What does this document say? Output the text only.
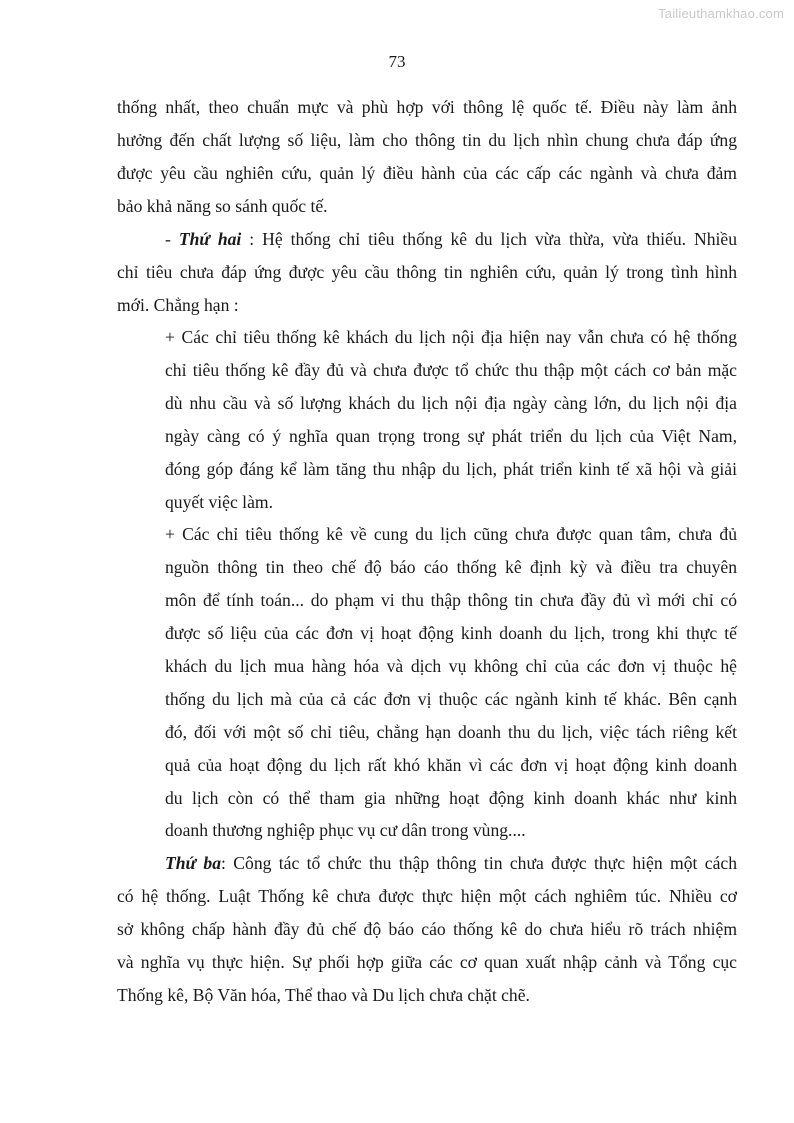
Tailieuthamkhao.com
73
thống nhất, theo chuẩn mực và phù hợp với thông lệ quốc tế. Điều này làm ảnh
hưởng đến chất lượng số liệu, làm cho thông tin du lịch nhìn chung chưa đáp ứng
được yêu cầu nghiên cứu, quản lý điều hành của các cấp các ngành và chưa đảm
bảo khả năng so sánh quốc tế.
- Thứ hai : Hệ thống chỉ tiêu thống kê du lịch vừa thừa, vừa thiếu. Nhiều
chỉ tiêu chưa đáp ứng được yêu cầu thông tin nghiên cứu, quản lý trong tình hình
mới. Chẳng hạn :
+ Các chỉ tiêu thống kê khách du lịch nội địa hiện nay vẫn chưa có hệ thống
chỉ tiêu thống kê đầy đủ và chưa được tổ chức thu thập một cách cơ bản mặc
dù nhu cầu và số lượng khách du lịch nội địa ngày càng lớn, du lịch nội địa
ngày càng có ý nghĩa quan trọng trong sự phát triển du lịch của Việt Nam,
đóng góp đáng kể làm tăng thu nhập du lịch, phát triển kinh tế xã hội và giải
quyết việc làm.
+ Các chỉ tiêu thống kê về cung du lịch cũng chưa được quan tâm, chưa đủ
nguồn thông tin theo chế độ báo cáo thống kê định kỳ và điều tra chuyên
môn để tính toán... do phạm vi thu thập thông tin chưa đầy đủ vì mới chỉ có
được số liệu của các đơn vị hoạt động kinh doanh du lịch, trong khi thực tế
khách du lịch mua hàng hóa và dịch vụ không chỉ của các đơn vị thuộc hệ
thống du lịch mà của cả các đơn vị thuộc các ngành kinh tế khác. Bên cạnh
đó, đối với một số chỉ tiêu, chẳng hạn doanh thu du lịch, việc tách riêng kết
quả của hoạt động du lịch rất khó khăn vì các đơn vị hoạt động kinh doanh
du lịch còn có thể tham gia những hoạt động kinh doanh khác như kinh
doanh thương nghiệp phục vụ cư dân trong vùng....
Thứ ba: Công tác tổ chức thu thập thông tin chưa được thực hiện một cách
có hệ thống. Luật Thống kê chưa được thực hiện một cách nghiêm túc. Nhiều cơ
sở không chấp hành đầy đủ chế độ báo cáo thống kê do chưa hiểu rõ trách nhiệm
và nghĩa vụ thực hiện. Sự phối hợp giữa các cơ quan xuất nhập cảnh và Tổng cục
Thống kê, Bộ Văn hóa, Thể thao và Du lịch chưa chặt chẽ.
